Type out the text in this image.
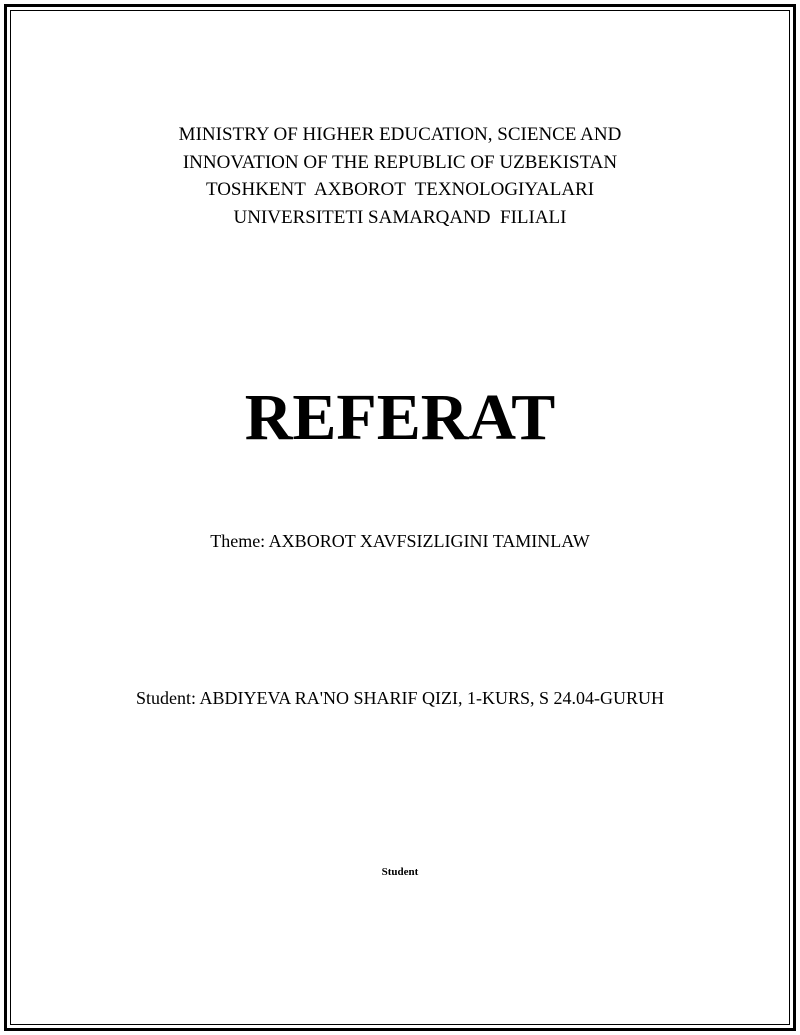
MINISTRY OF HIGHER EDUCATION, SCIENCE AND
INNOVATION OF THE REPUBLIC OF UZBEKISTAN
TOSHKENT  AXBOROT  TEXNOLOGIYALARI
UNIVERSITETI SAMARQAND  FILIALI
REFERAT
Theme: AXBOROT XAVFSIZLIGINI TAMINLAW
Student: ABDIYEVA RA'NO SHARIF QIZI, 1-KURS, S 24.04-GURUH
Student
